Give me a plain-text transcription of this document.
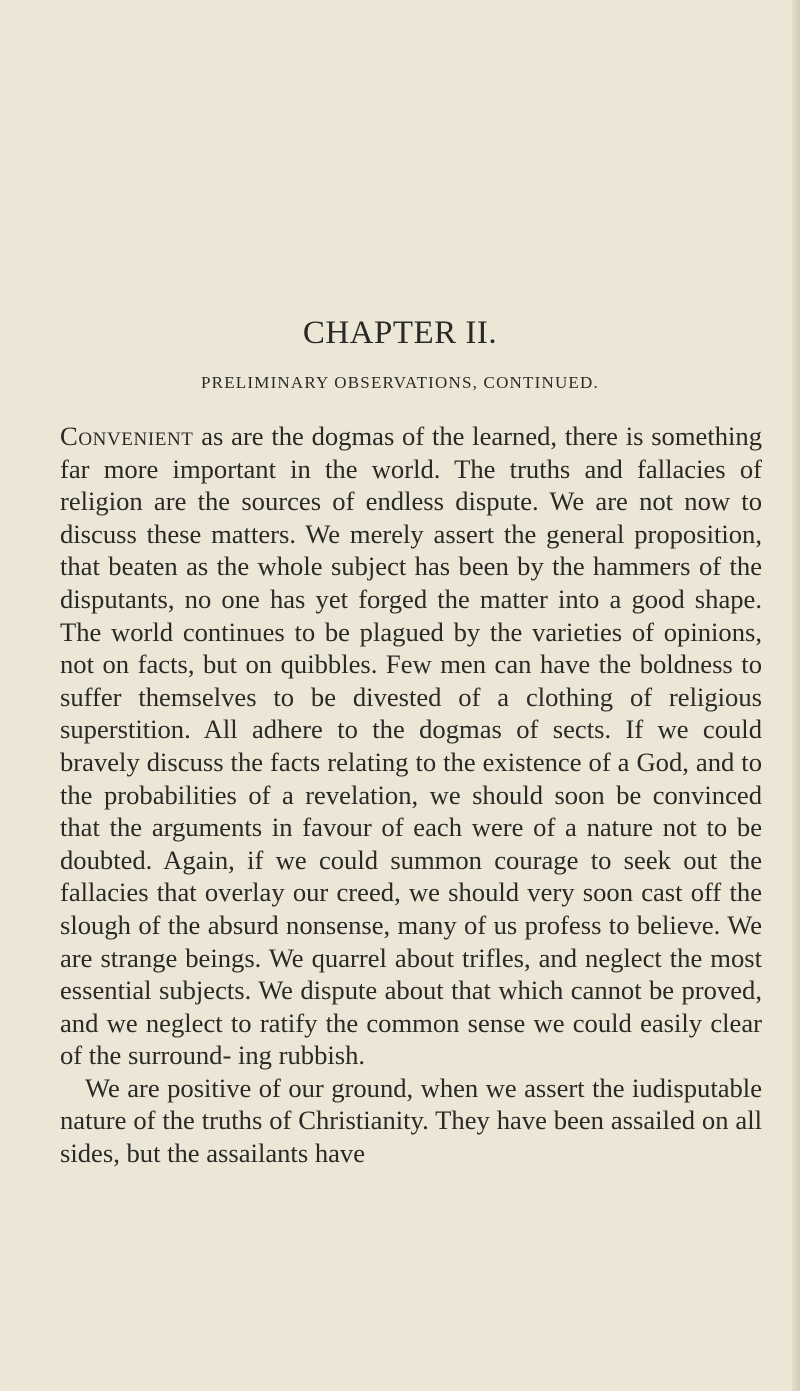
CHAPTER II.
PRELIMINARY OBSERVATIONS, CONTINUED.

Convenient as are the dogmas of the learned, there is something far more important in the world. The truths and fallacies of religion are the sources of endless dispute. We are not now to discuss these matters. We merely assert the general proposition, that beaten as the whole subject has been by the hammers of the disputants, no one has yet forged the matter into a good shape. The world continues to be plagued by the varieties of opinions, not on facts, but on quibbles. Few men can have the boldness to suffer themselves to be divested of a clothing of religious superstition. All adhere to the dogmas of sects. If we could bravely discuss the facts relating to the existence of a God, and to the probabilities of a revelation, we should soon be convinced that the arguments in favour of each were of a nature not to be doubted. Again, if we could summon courage to seek out the fallacies that overlay our creed, we should very soon cast off the slough of the absurd nonsense, many of us profess to believe. We are strange beings. We quarrel about trifles, and neglect the most essential subjects. We dispute about that which cannot be proved, and we neglect to ratify the common sense we could easily clear of the surround- ing rubbish.

We are positive of our ground, when we assert the iudisputable nature of the truths of Christianity. They have been assailed on all sides, but the assailants have
